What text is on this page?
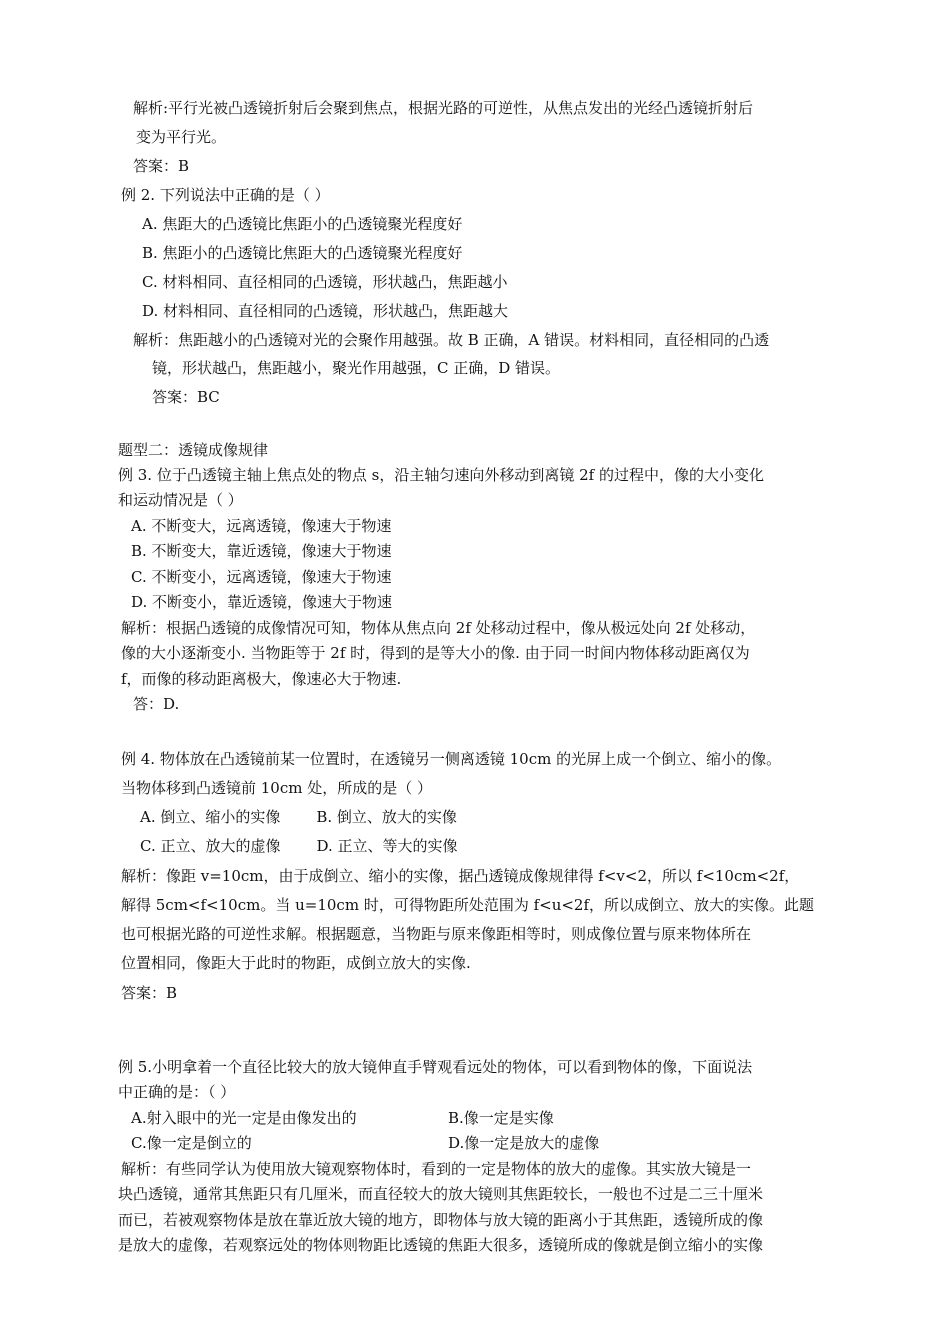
解析:平行光被凸透镜折射后会聚到焦点，根据光路的可逆性，从焦点发出的光经凸透镜折射后
变为平行光。
答案：B
例 2. 下列说法中正确的是（ ）
A. 焦距大的凸透镜比焦距小的凸透镜聚光程度好
B. 焦距小的凸透镜比焦距大的凸透镜聚光程度好
C. 材料相同、直径相同的凸透镜，形状越凸，焦距越小
D. 材料相同、直径相同的凸透镜，形状越凸，焦距越大
解析：焦距越小的凸透镜对光的会聚作用越强。故 B 正确，A 错误。材料相同，直径相同的凸透
镜，形状越凸，焦距越小，聚光作用越强，C 正确，D 错误。
答案：BC
题型二：透镜成像规律
例 3. 位于凸透镜主轴上焦点处的物点 s，沿主轴匀速向外移动到离镜 2f 的过程中，像的大小变化
和运动情况是（ ）
A. 不断变大，远离透镜，像速大于物速
B. 不断变大，靠近透镜，像速大于物速
C. 不断变小，远离透镜，像速大于物速
D. 不断变小，靠近透镜，像速大于物速
解析：根据凸透镜的成像情况可知，物体从焦点向 2f 处移动过程中，像从极远处向 2f 处移动，
像的大小逐渐变小. 当物距等于 2f 时，得到的是等大小的像. 由于同一时间内物体移动距离仅为
f，而像的移动距离极大，像速必大于物速.
答：D.
例 4. 物体放在凸透镜前某一位置时，在透镜另一侧离透镜 10cm 的光屏上成一个倒立、缩小的像。
当物体移到凸透镜前 10cm 处，所成的是（ ）
A. 倒立、缩小的实像 B. 倒立、放大的实像
C. 正立、放大的虚像 D. 正立、等大的实像
解析：像距 v=10cm，由于成倒立、缩小的实像，据凸透镜成像规律得 f<v<2，所以 f<10cm<2f，
解得 5cm<f<10cm。当 u=10cm 时，可得物距所处范围为 f<u<2f，所以成倒立、放大的实像。此题
也可根据光路的可逆性求解。根据题意，当物距与原来像距相等时，则成像位置与原来物体所在
位置相同，像距大于此时的物距，成倒立放大的实像.
答案：B
例 5.小明拿着一个直径比较大的放大镜伸直手臂观看远处的物体，可以看到物体的像，下面说法
中正确的是：（ ）
A.射入眼中的光一定是由像发出的	B.像一定是实像
C.像一定是倒立的	D.像一定是放大的虚像
解析：有些同学认为使用放大镜观察物体时，看到的一定是物体的放大的虚像。其实放大镜是一
块凸透镜，通常其焦距只有几厘米，而直径较大的放大镜则其焦距较长，一般也不过是二三十厘米
而已，若被观察物体是放在靠近放大镜的地方，即物体与放大镜的距离小于其焦距，透镜所成的像
是放大的虚像，若观察远处的物体则物距比透镜的焦距大很多，透镜所成的像就是倒立缩小的实像
